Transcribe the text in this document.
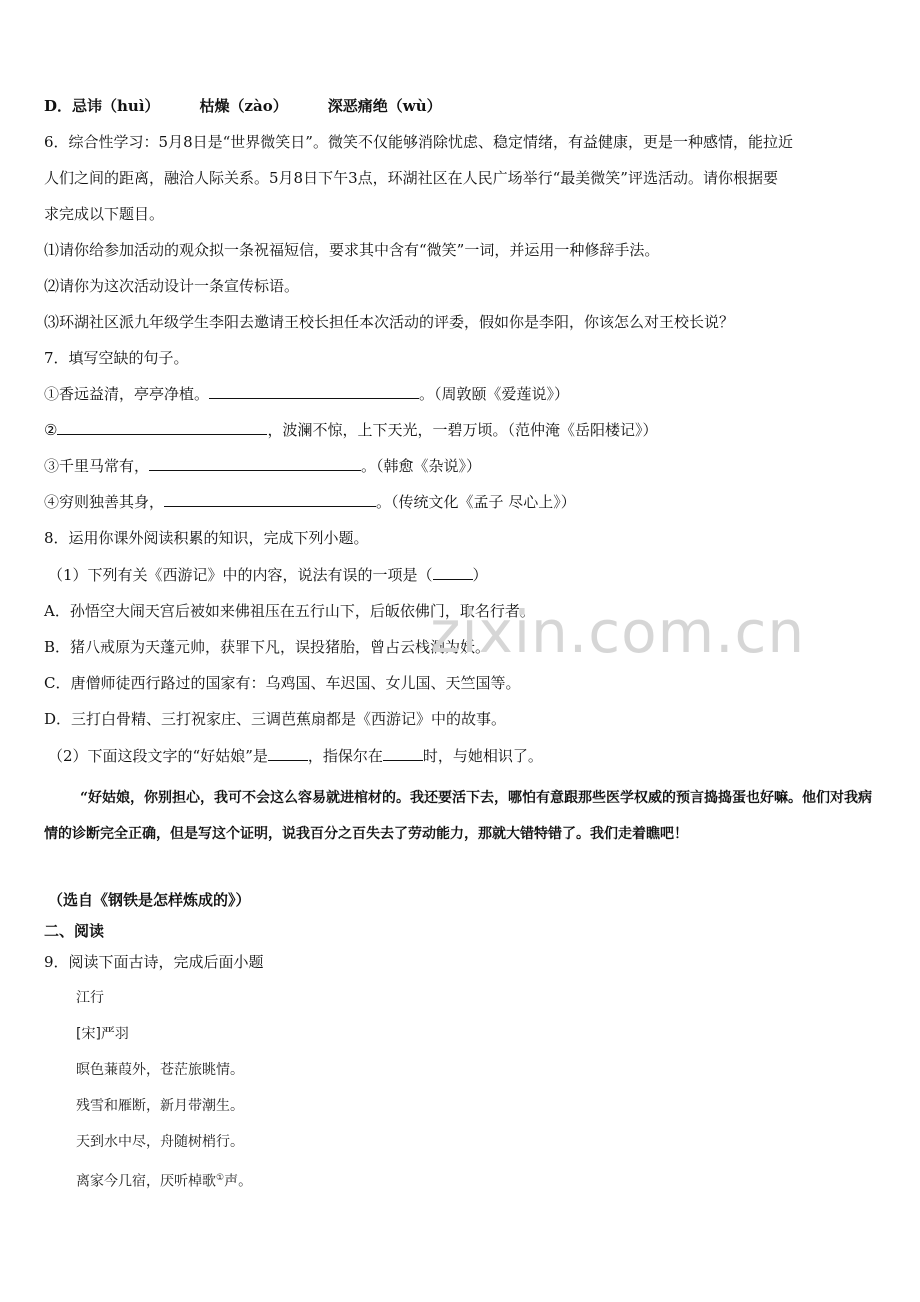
D．忌讳（huì）	枯燥（zào）	深恶痛绝（wù）
6．综合性学习：5月8日是“世界微笑日”。微笑不仅能够消除忧虑、稳定情绪，有益健康，更是一种感情，能拉近
人们之间的距离，融洽人际关系。5月8日下午3点，环湖社区在人民广场举行“最美微笑”评选活动。请你根据要
求完成以下题目。
⑴请你给参加活动的观众拟一条祝福短信，要求其中含有“微笑”一词，并运用一种修辞手法。
⑵请你为这次活动设计一条宣传标语。
⑶环湖社区派九年级学生李阳去邀请王校长担任本次活动的评委，假如你是李阳，你该怎么对王校长说？
7．填写空缺的句子。
①香远益清，亭亭净植。	。（周敦颐《爱莲说》）
②	，波澜不惊，上下天光，一碧万顷。（范仲淹《岳阳楼记》）
③千里马常有，	。（韩愈《杂说》）
④穷则独善其身，	。（传统文化《孟子 尽心上》）
8．运用你课外阅读积累的知识，完成下列小题。
（1）下列有关《西游记》中的内容，说法有误的一项是（	）
A．孙悟空大闹天宫后被如来佛祖压在五行山下，后皈依佛门，取名行者。
B．猪八戒原为天蓬元帅，获罪下凡，误投猪胎，曾占云栈洞为妖。
C．唐僧师徒西行路过的国家有：乌鸡国、车迟国、女儿国、天竺国等。
D．三打白骨精、三打祝家庄、三调芭蕉扇都是《西游记》中的故事。
（2）下面这段文字的“好姑娘”是	，指保尔在	时，与她相识了。
“好姑娘，你别担心，我可不会这么容易就进棺材的。我还要活下去，哪怕有意跟那些医学权威的预言捣捣蛋也好嘛。他们对我病情的诊断完全正确，但是写这个证明，说我百分之百失去了劳动能力，那就大错特错了。我们走着瞧吧！
（选自《钢铁是怎样炼成的》）
二、阅读
9．阅读下面古诗，完成后面小题
江行
[宋]严羽
暝色蒹葭外，苍茫旅眺情。
残雪和雁断，新月带潮生。
天到水中尽，舟随树梢行。
离家今几宿，厌听棹歌①声。
zixin.com.cn
